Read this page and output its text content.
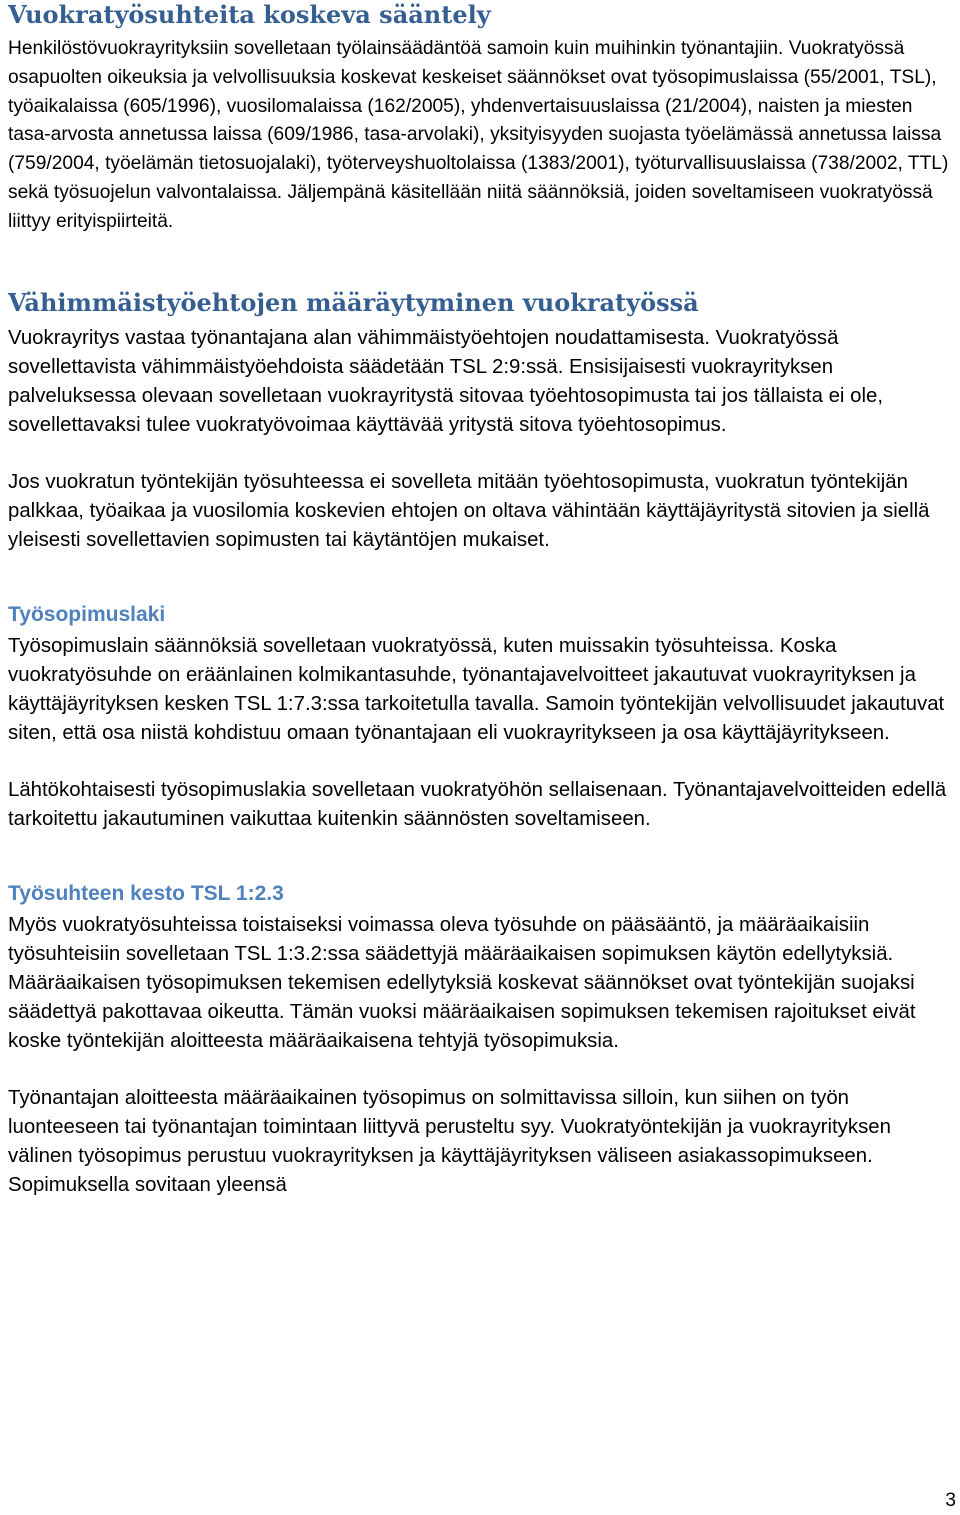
Vuokratyösuhteita koskeva sääntely

Henkilöstövuokrayrityksiin sovelletaan työlainsäädäntöä samoin kuin muihinkin työnantajiin. Vuokratyössä osapuolten oikeuksia ja velvollisuuksia koskevat keskeiset säännökset ovat työsopimuslaissa (55/2001, TSL), työaikalaissa (605/1996), vuosilomalaissa (162/2005), yhdenvertaisuuslaissa (21/2004), naisten ja miesten tasa-arvosta annetussa laissa (609/1986, tasa-arvolaki), yksityisyyden suojasta työelämässä annetussa laissa (759/2004, työelämän tietosuojalaki), työterveyshuoltolaissa (1383/2001), työturvallisuuslaissa (738/2002, TTL) sekä työsuojelun valvontalaissa. Jäljempänä käsitellään niitä säännöksiä, joiden soveltamiseen vuokratyössä liittyy erityispiirteitä.

Vähimmäistyöehtojen määräytyminen vuokratyössä

Vuokrayritys vastaa työnantajana alan vähimmäistyöehtojen noudattamisesta. Vuokratyössä sovellettavista vähimmäistyöehdoista säädetään TSL 2:9:ssä. Ensisijaisesti vuokrayrityksen palveluksessa olevaan sovelletaan vuokrayritystä sitovaa työehtosopimusta tai jos tällaista ei ole, sovellettavaksi tulee vuokratyövoimaa käyttävää yritystä sitova työehtosopimus.

Jos vuokratun työntekijän työsuhteessa ei sovelleta mitään työehtosopimusta, vuokratun työntekijän palkkaa, työaikaa ja vuosilomia koskevien ehtojen on oltava vähintään käyttäjäyritystä sitovien ja siellä yleisesti sovellettavien sopimusten tai käytäntöjen mukaiset.

Työsopimuslaki

Työsopimuslain säännöksiä sovelletaan vuokratyössä, kuten muissakin työsuhteissa. Koska vuokratyösuhde on eräänlainen kolmikantasuhde, työnantajavelvoitteet jakautuvat vuokrayrityksen ja käyttäjäyrityksen kesken TSL 1:7.3:ssa tarkoitetulla tavalla. Samoin työntekijän velvollisuudet jakautuvat siten, että osa niistä kohdistuu omaan työnantajaan eli vuokrayritykseen ja osa käyttäjäyritykseen.

Lähtökohtaisesti työsopimuslakia sovelletaan vuokratyöhön sellaisenaan. Työnantajavelvoitteiden edellä tarkoitettu jakautuminen vaikuttaa kuitenkin säännösten soveltamiseen.

Työsuhteen kesto TSL 1:2.3

Myös vuokratyösuhteissa toistaiseksi voimassa oleva työsuhde on pääsääntö, ja määräaikaisiin työsuhteisiin sovelletaan TSL 1:3.2:ssa säädettyjä määräaikaisen sopimuksen käytön edellytyksiä. Määräaikaisen työsopimuksen tekemisen edellytyksiä koskevat säännökset ovat työntekijän suojaksi säädettyä pakottavaa oikeutta. Tämän vuoksi määräaikaisen sopimuksen tekemisen rajoitukset eivät koske työntekijän aloitteesta määräaikaisena tehtyjä työsopimuksia.

Työnantajan aloitteesta määräaikainen työsopimus on solmittavissa silloin, kun siihen on työn luonteeseen tai työnantajan toimintaan liittyvä perusteltu syy. Vuokratyöntekijän ja vuokrayrityksen välinen työsopimus perustuu vuokrayrityksen ja käyttäjäyrityksen väliseen asiakassopimukseen. Sopimuksella sovitaan yleensä

3
